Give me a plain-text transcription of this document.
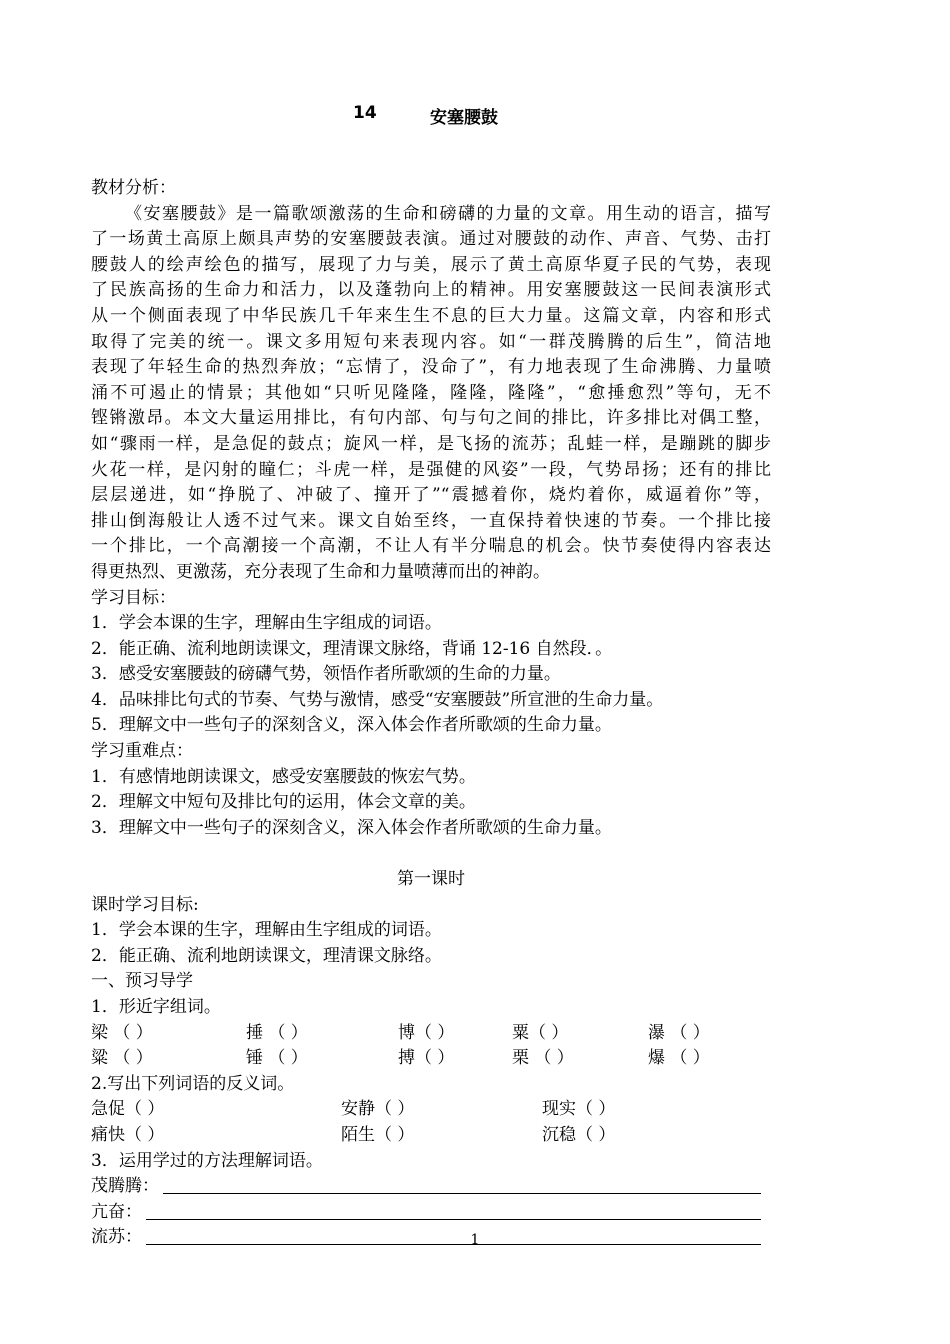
14	安塞腰鼓
教材分析：
《安塞腰鼓》是一篇歌颂激荡的生命和磅礴的力量的文章。用生动的语言，描写
了一场黄土高原上颇具声势的安塞腰鼓表演。通过对腰鼓的动作、声音、气势、击打
腰鼓人的绘声绘色的描写，展现了力与美，展示了黄土高原华夏子民的气势，表现
了民族高扬的生命力和活力，以及蓬勃向上的精神。用安塞腰鼓这一民间表演形式
从一个侧面表现了中华民族几千年来生生不息的巨大力量。这篇文章，内容和形式
取得了完美的统一。课文多用短句来表现内容。如“一群茂腾腾的后生”，简洁地
表现了年轻生命的热烈奔放；“忘情了，没命了”，有力地表现了生命沸腾、力量喷
涌不可遏止的情景；其他如“只听见隆隆，隆隆，隆隆”，“愈捶愈烈”等句，无不
铿锵激昂。本文大量运用排比，有句内部、句与句之间的排比，许多排比对偶工整，
如“骤雨一样，是急促的鼓点；旋风一样，是飞扬的流苏；乱蛙一样，是蹦跳的脚步
火花一样，是闪射的瞳仁；斗虎一样，是强健的风姿”一段，气势昂扬；还有的排比
层层递进，如“挣脱了、冲破了、撞开了”“震撼着你，烧灼着你，威逼着你”等，
排山倒海般让人透不过气来。课文自始至终，一直保持着快速的节奏。一个排比接
一个排比，一个高潮接一个高潮，不让人有半分喘息的机会。快节奏使得内容表达
得更热烈、更激荡，充分表现了生命和力量喷薄而出的神韵。
学习目标：
1．学会本课的生字，理解由生字组成的词语。
2．能正确、流利地朗读课文，理清课文脉络，背诵 12-16 自然段．。
3．感受安塞腰鼓的磅礴气势，领悟作者所歌颂的生命的力量。
4．品味排比句式的节奏、气势与激情，感受“安塞腰鼓”所宣泄的生命力量。
5．理解文中一些句子的深刻含义，深入体会作者所歌颂的生命力量。
学习重难点：
1．有感情地朗读课文，感受安塞腰鼓的恢宏气势。
2．理解文中短句及排比句的运用，体会文章的美。
3．理解文中一些句子的深刻含义，深入体会作者所歌颂的生命力量。
第一课时
课时学习目标:
1．学会本课的生字，理解由生字组成的词语。
2．能正确、流利地朗读课文，理清课文脉络。
一、预习导学
1．形近字组词。
梁 （ ）	捶 （ ）	博（ ）	粟（ ）	瀑 （ ）
粱 （ ）	锤 （ ）	搏（ ）	栗 （ ）	爆 （ ）
2.写出下列词语的反义词。
急促（ ）	安静（ ）	现实（ ）
痛快（ ）	陌生（ ）	沉稳（ ）
3．运用学过的方法理解词语。
茂腾腾：
亢奋：
流苏：	1
